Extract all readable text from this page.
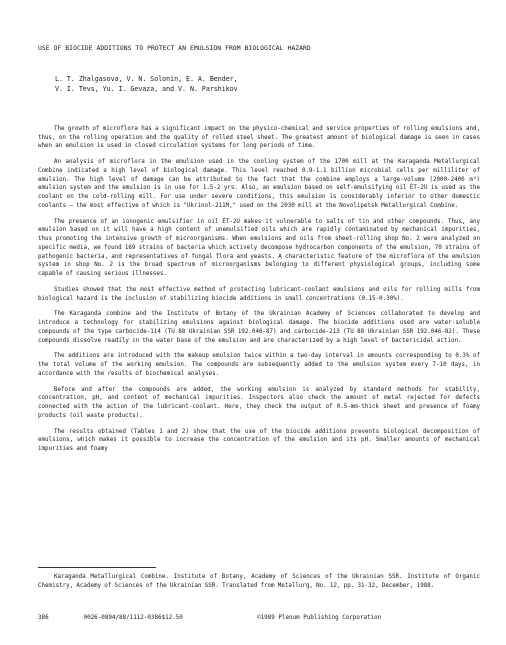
USE OF BIOCIDE ADDITIONS TO PROTECT AN EMULSION FROM BIOLOGICAL HAZARD
L. T. Zhalgasova, V. N. Solonin, E. A. Bender,
V. I. Tevs, Yu. I. Gevaza, and V. N. Parshikov

The growth of microflora has a significant impact on the physico-chemical and service properties of rolling emulsions and, thus, on the rolling operation and the quality of rolled steel sheet. The greatest amount of biological damage is seen in cases when an emulsion is used in closed circulation systems for long periods of time.

An analysis of microflora in the emulsion used in the cooling system of the 1700 mill at the Karaganda Metallurgical Combine indicated a high level of biological damage. This level reached 0.9-1.1 billion microbial cells per milliliter of emulsion. The high level of damage can be attributed to the fact that the combine employs a large-volume (2000-2400 m³) emulsion system and the emulsion is in use for 1.5-2 yrs. Also, an emulsion based on self-emulsifying oil ÉT-2U is used as the coolant on the cold-rolling mill. For use under severe conditions, this emulsion is considerably inferior to other domestic coolants — the most effective of which is "Ukrinol-211M," used on the 2030 mill at the Novolipetsk Metallurgical Combine.

The presence of an ionogenic emulsifier in oil ÉT-2U makes it vulnerable to salts of tin and other compounds. Thus, any emulsion based on it will have a high content of unemulsified oils which are rapidly contaminated by mechanical impurities, thus promoting the intensive growth of microorganisms. When emulsions and oils from sheet-rolling shop No. 2 were analyzed on specific media, we found 169 strains of bacteria which actively decompose hydrocarbon components of the emulsion, 70 strains of pathogenic bacteria, and representatives of fungal flora and yeasts. A characteristic feature of the microflora of the emulsion system in shop No. 2 is the broad spectrum of microorganisms belonging to different physiological groups, including some capable of causing serious illnesses.

Studies showed that the most effective method of protecting lubricant-coolant emulsions and oils for rolling mills from biological hazard is the inclusion of stabilizing biocide additions in small concentrations (0.15-0.30%).

The Karaganda combine and the Institute of Botany of the Ukrainian Academy of Sciences collaborated to develop and introduce a technology for stabilizing emulsions against biological damage. The biocide additions used are water-soluble compounds of the type carbocide-114 (TU 88 Ukrainian SSR 192.046-87) and carbocide-213 (TU 88 Ukrainian SSR 192.046-82). These compounds dissolve readily in the water base of the emulsion and are characterized by a high level of bactericidal action.

The additions are introduced with the makeup emulsion twice within a two-day interval in amounts corresponding to 0.3% of the total volume of the working emulsion. The compounds are subsequently added to the emulsion system every 7-10 days, in accordance with the results of biochemical analyses.

Before and after the compounds are added, the working emulsion is analyzed by standard methods for stability, concentration, pH, and content of mechanical impurities. Inspectors also check the amount of metal rejected for defects connected with the action of the lubricant-coolant. Here, they check the output of 0.5-mm-thick sheet and presence of foamy products (oil waste products).

The results obtained (Tables 1 and 2) show that the use of the biocide additions prevents biological decomposition of emulsions, which makes it possible to increase the concentration of the emulsion and its pH. Smaller amounts of mechanical impurities and foamy

Karaganda Metallurgical Combine. Institute of Botany, Academy of Sciences of the Ukrainian SSR. Institute of Organic Chemistry, Academy of Sciences of the Ukrainian SSR. Translated from Metallurg, No. 12, pp. 31-32, December, 1988.
386	0026-0894/88/1112-0386$12.50	©1989 Plenum Publishing Corporation
